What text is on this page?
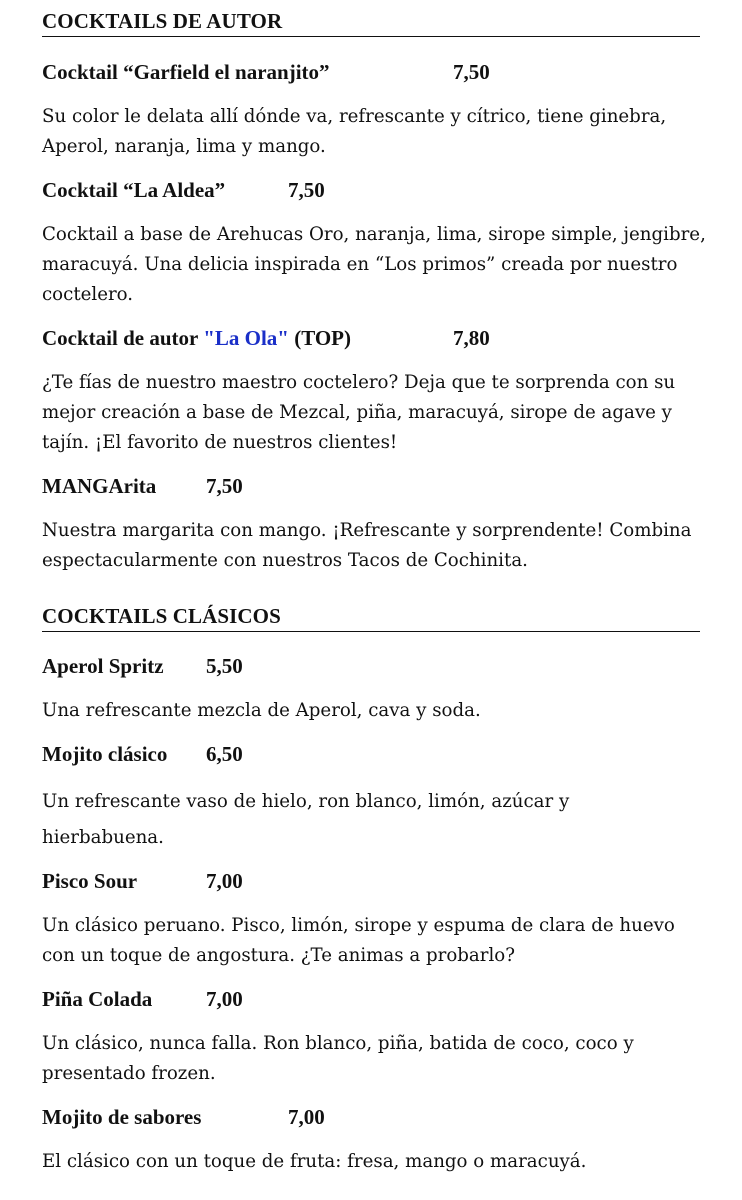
COCKTAILS DE AUTOR
Cocktail “Garfield el naranjito”	7,50
Su color le delata allí dónde va, refrescante y cítrico, tiene ginebra, Aperol, naranja, lima y mango.
Cocktail “La Aldea”	7,50
Cocktail a base de Arehucas Oro, naranja, lima, sirope simple, jengibre, maracuyá. Una delicia inspirada en “Los primos” creada por nuestro coctelero.
Cocktail de autor "La Ola" (TOP)	7,80
¿Te fías de nuestro maestro coctelero? Deja que te sorprenda con su mejor creación a base de Mezcal, piña, maracuyá, sirope de agave y tajín. ¡El favorito de nuestros clientes!
MANGArita 7,50
Nuestra margarita con mango. ¡Refrescante y sorprendente! Combina espectacularmente con nuestros Tacos de Cochinita.
COCKTAILS CLÁSICOS
Aperol Spritz 5,50
Una refrescante mezcla de Aperol, cava y soda.
Mojito clásico 6,50
Un refrescante vaso de hielo, ron blanco, limón, azúcar y hierbabuena.
Pisco Sour	7,00
Un clásico peruano. Pisco, limón, sirope y espuma de clara de huevo con un toque de angostura. ¿Te animas a probarlo?
Piña Colada	7,00
Un clásico, nunca falla. Ron blanco, piña, batida de coco, coco y presentado frozen.
Mojito de sabores	7,00
El clásico con un toque de fruta: fresa, mango o maracuyá.
